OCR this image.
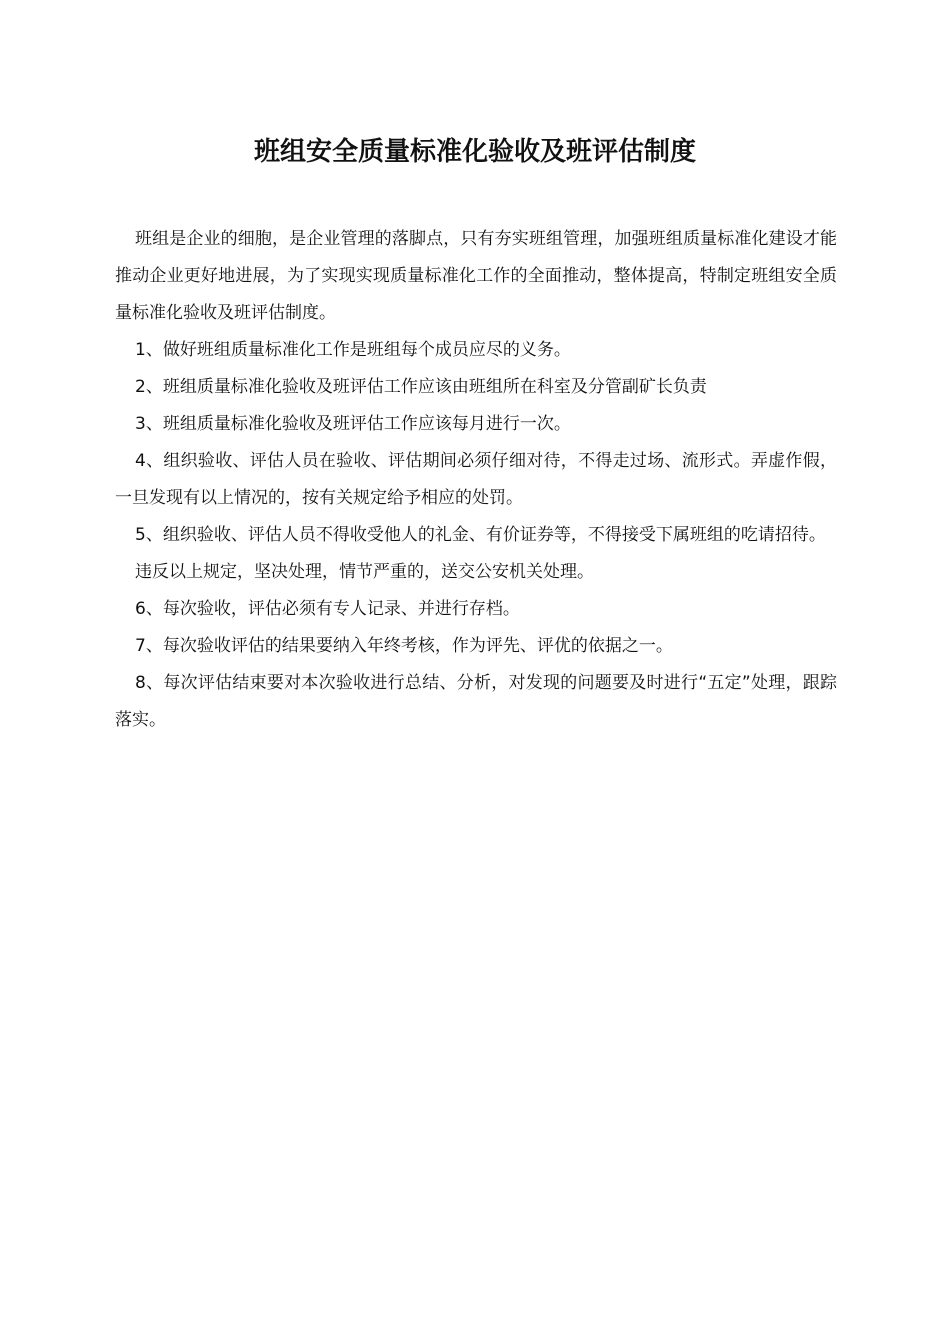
班组安全质量标准化验收及班评估制度

班组是企业的细胞，是企业管理的落脚点，只有夯实班组管理，加强班组质量标准化建设才能推动企业更好地进展，为了实现实现质量标准化工作的全面推动，整体提高，特制定班组安全质量标准化验收及班评估制度。

1、做好班组质量标准化工作是班组每个成员应尽的义务。

2、班组质量标准化验收及班评估工作应该由班组所在科室及分管副矿长负责

3、班组质量标准化验收及班评估工作应该每月进行一次。

4、组织验收、评估人员在验收、评估期间必须仔细对待，不得走过场、流形式。弄虚作假，一旦发现有以上情况的，按有关规定给予相应的处罚。

5、组织验收、评估人员不得收受他人的礼金、有价证券等，不得接受下属班组的吃请招待。

违反以上规定，坚决处理，情节严重的，送交公安机关处理。

6、每次验收，评估必须有专人记录、并进行存档。

7、每次验收评估的结果要纳入年终考核，作为评先、评优的依据之一。

8、每次评估结束要对本次验收进行总结、分析，对发现的问题要及时进行“五定”处理，跟踪落实。
